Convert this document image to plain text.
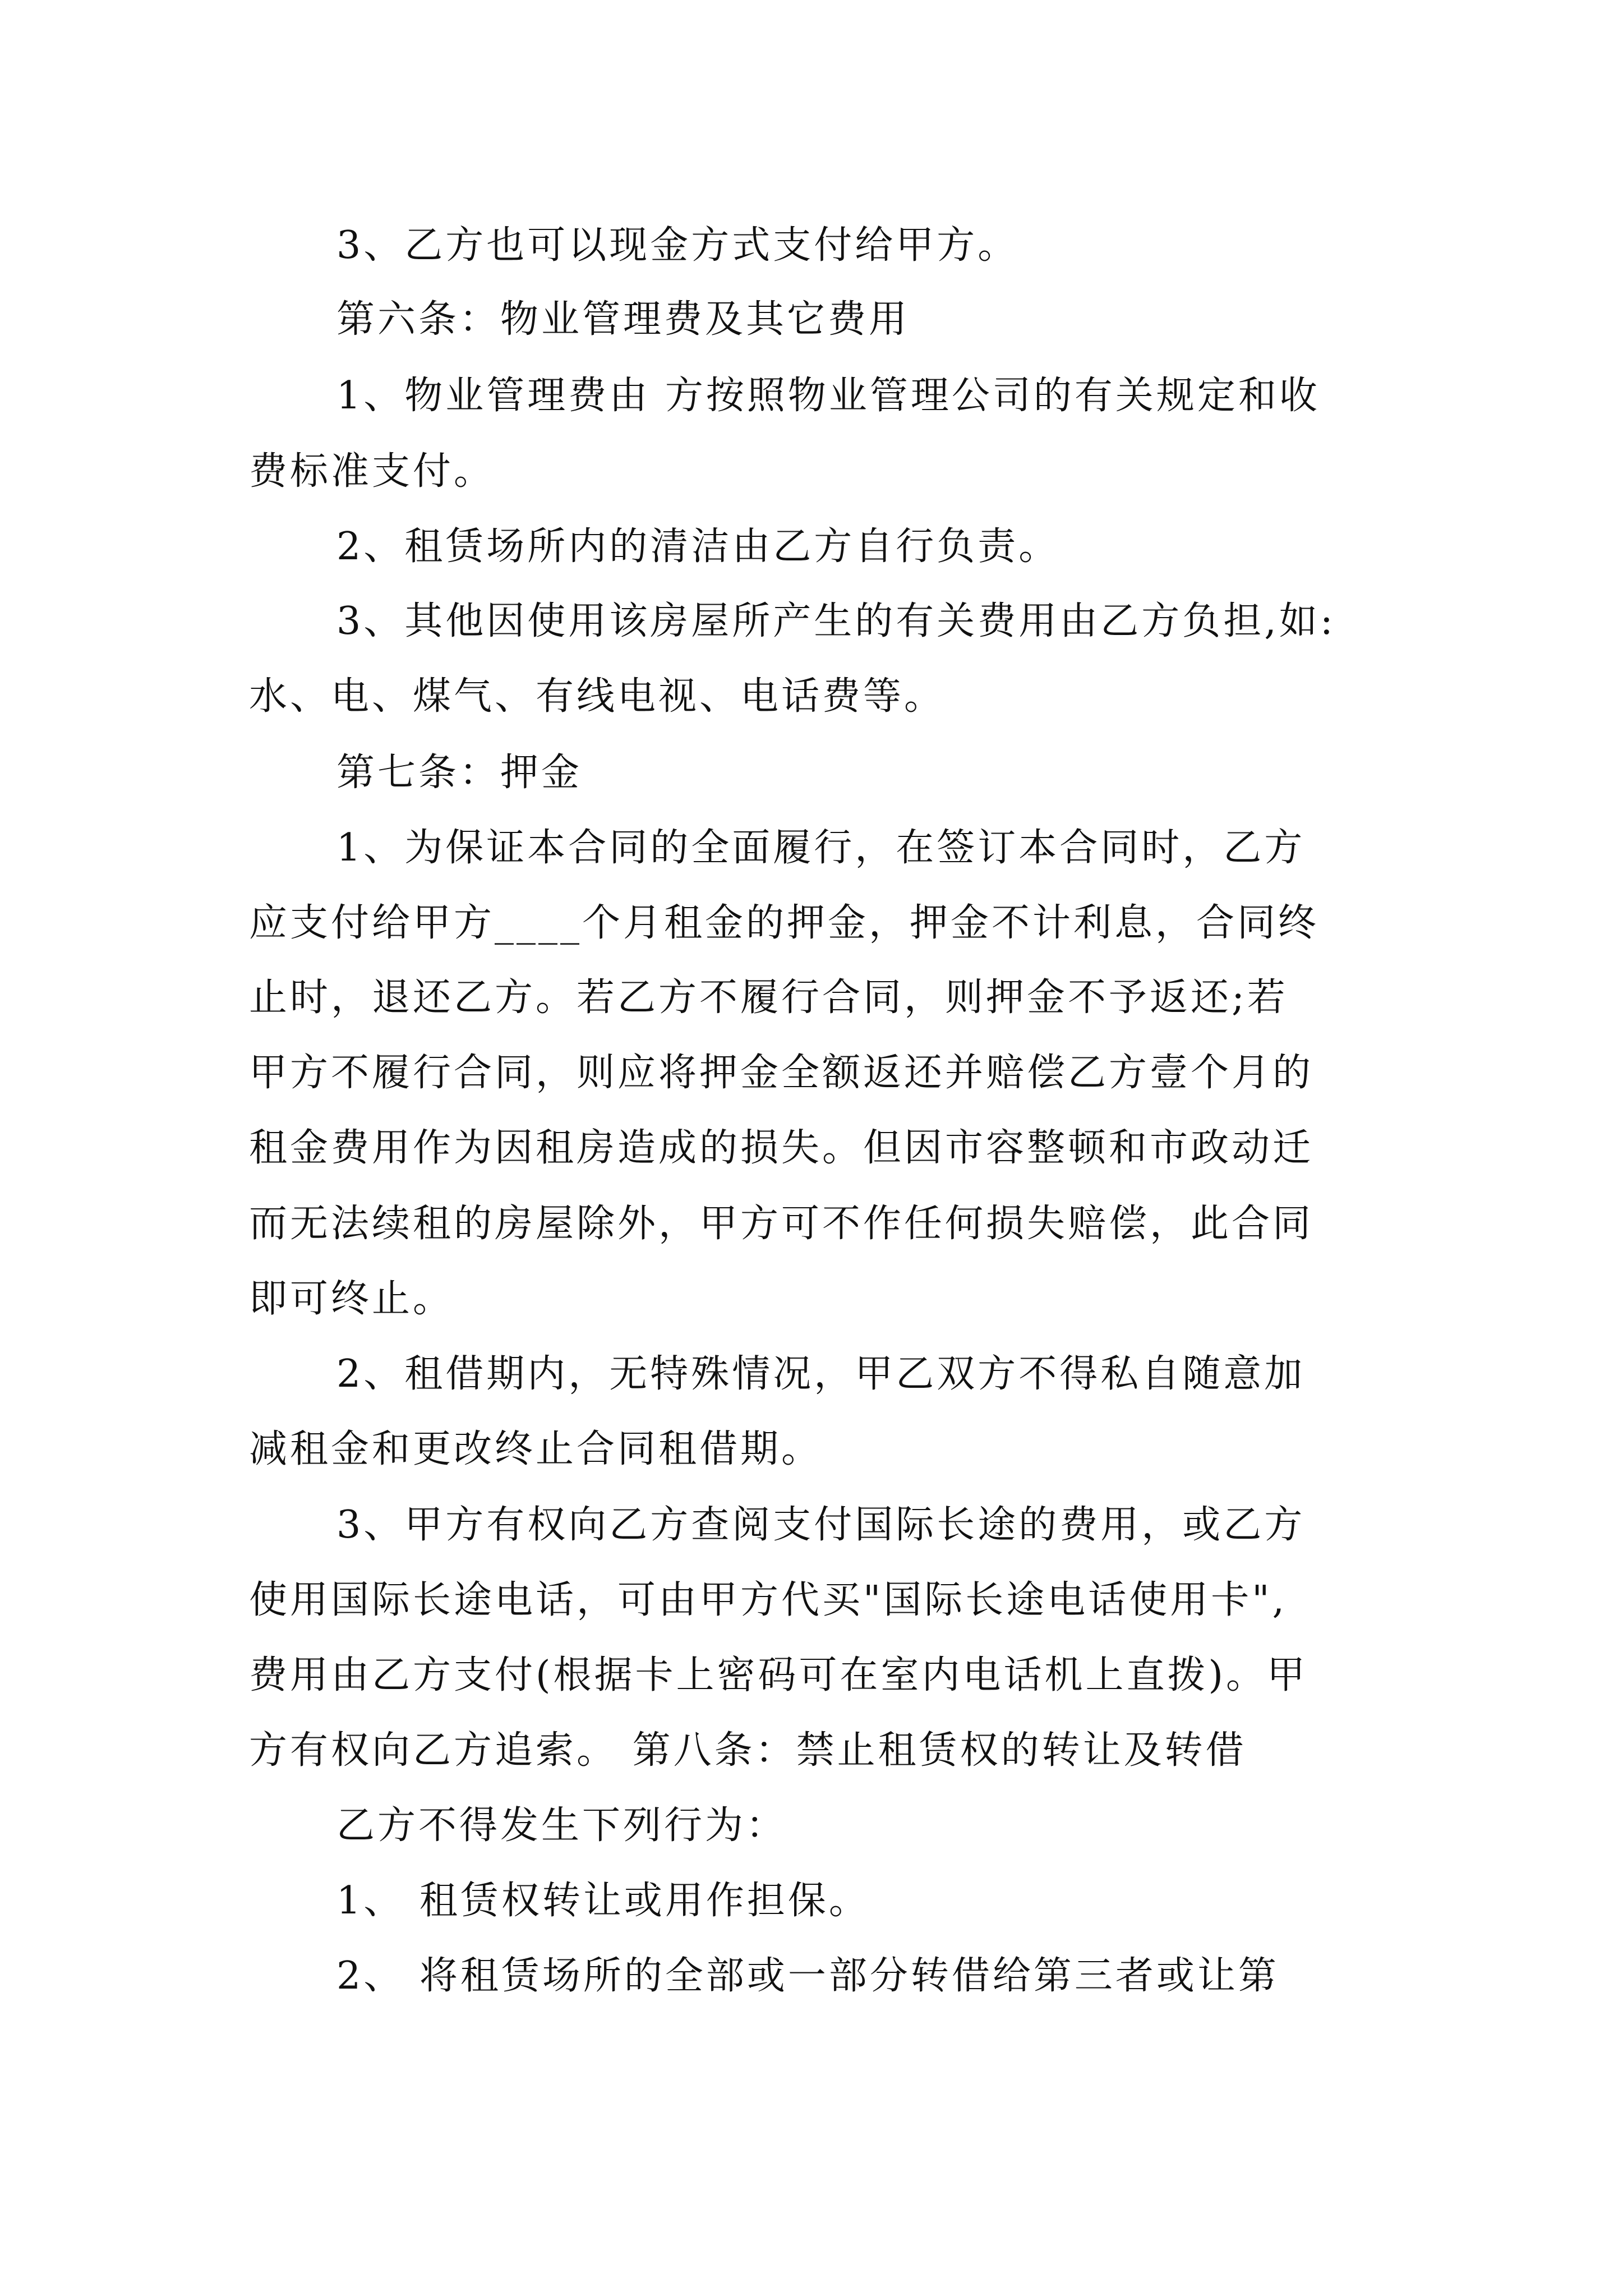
3、乙方也可以现金方式支付给甲方。
第六条：物业管理费及其它费用
1、物业管理费由 方按照物业管理公司的有关规定和收
费标准支付。
2、租赁场所内的清洁由乙方自行负责。
3、其他因使用该房屋所产生的有关费用由乙方负担,如:
水、电、煤气、有线电视、电话费等。
第七条：押金
1、为保证本合同的全面履行，在签订本合同时，乙方
应支付给甲方____个月租金的押金，押金不计利息，合同终
止时，退还乙方。若乙方不履行合同，则押金不予返还;若
甲方不履行合同，则应将押金全额返还并赔偿乙方壹个月的
租金费用作为因租房造成的损失。但因市容整顿和市政动迁
而无法续租的房屋除外，甲方可不作任何损失赔偿，此合同
即可终止。
2、租借期内，无特殊情况，甲乙双方不得私自随意加
减租金和更改终止合同租借期。
3、甲方有权向乙方查阅支付国际长途的费用，或乙方
使用国际长途电话，可由甲方代买"国际长途电话使用卡",
费用由乙方支付(根据卡上密码可在室内电话机上直拨)。甲
方有权向乙方追索。 第八条：禁止租赁权的转让及转借
乙方不得发生下列行为：
1、 租赁权转让或用作担保。
2、 将租赁场所的全部或一部分转借给第三者或让第
